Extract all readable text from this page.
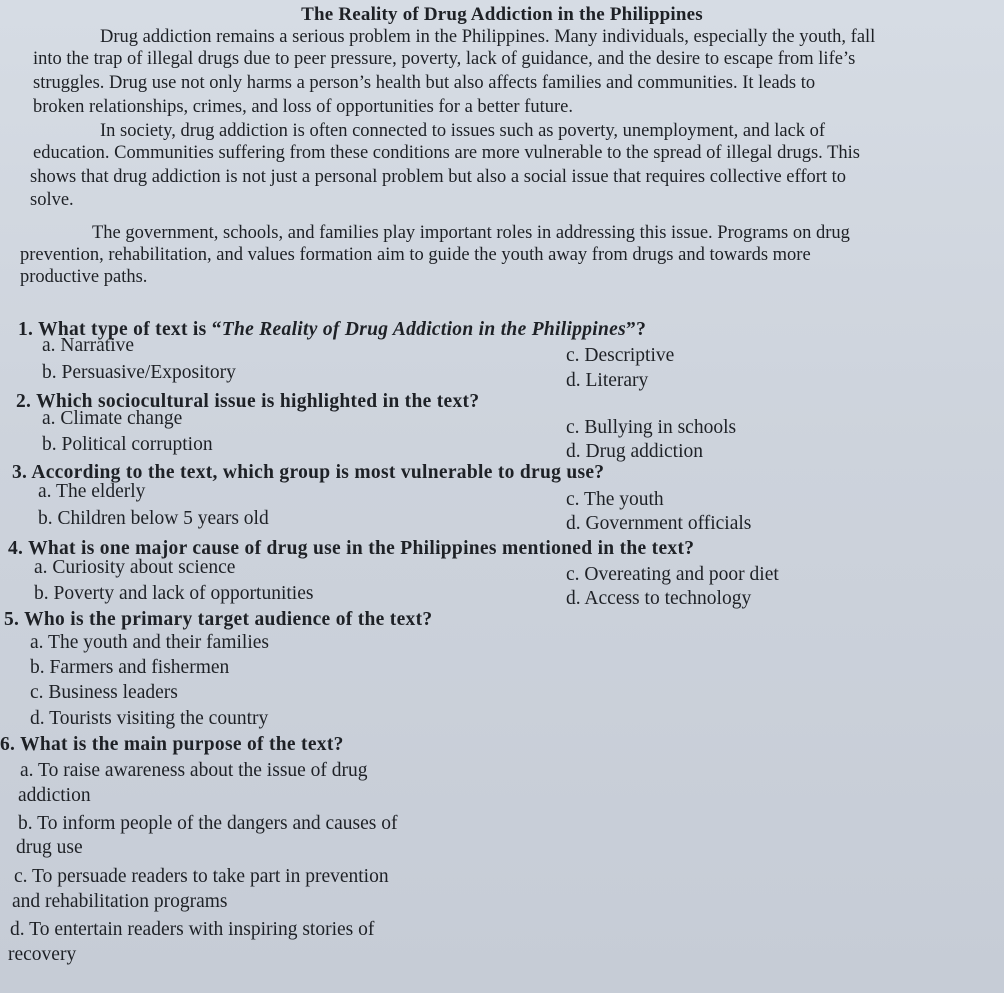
The Reality of Drug Addiction in the Philippines
Drug addiction remains a serious problem in the Philippines. Many individuals, especially the youth, fall
into the trap of illegal drugs due to peer pressure, poverty, lack of guidance, and the desire to escape from life’s
struggles. Drug use not only harms a person’s health but also affects families and communities. It leads to
broken relationships, crimes, and loss of opportunities for a better future.
In society, drug addiction is often connected to issues such as poverty, unemployment, and lack of
education. Communities suffering from these conditions are more vulnerable to the spread of illegal drugs. This
shows that drug addiction is not just a personal problem but also a social issue that requires collective effort to
solve.
The government, schools, and families play important roles in addressing this issue. Programs on drug
prevention, rehabilitation, and values formation aim to guide the youth away from drugs and towards more
productive paths.
1. What type of text is “The Reality of Drug Addiction in the Philippines”?
a. Narrative
b. Persuasive/Expository
c. Descriptive
d. Literary
2. Which sociocultural issue is highlighted in the text?
a. Climate change
b. Political corruption
c. Bullying in schools
d. Drug addiction
3. According to the text, which group is most vulnerable to drug use?
a. The elderly
b. Children below 5 years old
c. The youth
d. Government officials
4. What is one major cause of drug use in the Philippines mentioned in the text?
a. Curiosity about science
b. Poverty and lack of opportunities
c. Overeating and poor diet
d. Access to technology
5. Who is the primary target audience of the text?
a. The youth and their families
b. Farmers and fishermen
c. Business leaders
d. Tourists visiting the country
6. What is the main purpose of the text?
a. To raise awareness about the issue of drug
addiction
b. To inform people of the dangers and causes of
drug use
c. To persuade readers to take part in prevention
and rehabilitation programs
d. To entertain readers with inspiring stories of
recovery
